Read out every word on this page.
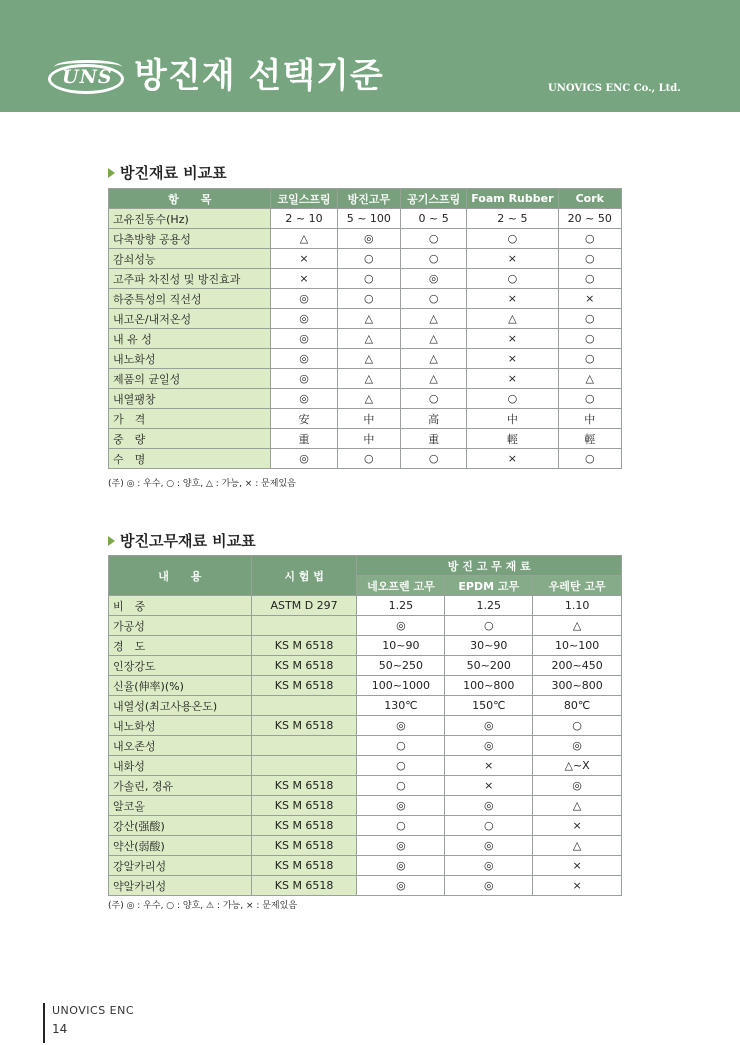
UNS 방진재 선택기준	UNOVICS ENC Co., Ltd.
방진재료 비교표
항　　목	코일스프링	방진고무	공기스프링	Foam Rubber	Cork
고유진동수(Hz)	2 ~ 10	5 ~ 100	0 ~ 5	2 ~ 5	20 ~ 50
다축방향 공용성	△	◎	○	○	○
감쇠성능	×	○	○	×	○
고주파 차진성 및 방진효과	×	○	◎	○	○
하중특성의 직선성	◎	○	○	×	×
내고온/내저온성	◎	△	△	△	○
내 유 성	◎	△	△	×	○
내노화성	◎	△	△	×	○
제품의 균일성	◎	△	△	×	△
내열팽창	◎	△	○	○	○
가　격	安	中	高	中	中
중　량	重	中	重	輕	輕
수　명	◎	○	○	×	○
(주) ◎ : 우수, ○ : 양호, △ : 가능, × : 문제있음
방진고무재료 비교표
내　　용	시 험 법	방 진 고 무 재 료		
		네오프렌 고무	EPDM 고무	우레탄 고무
비　중	ASTM D 297	1.25	1.25	1.10
가공성		◎	○	△
경　도	KS M 6518	10~90	30~90	10~100
인장강도	KS M 6518	50~250	50~200	200~450
신율(伸率)(%)	KS M 6518	100~1000	100~800	300~800
내열성(최고사용온도)		130℃	150℃	80℃
내노화성	KS M 6518	◎	◎	○
내오존성		○	◎	◎
내화성		○	×	△~X
가솔린, 경유	KS M 6518	○	×	◎
알코올	KS M 6518	◎	◎	△
강산(强酸)	KS M 6518	○	○	×
약산(弱酸)	KS M 6518	◎	◎	△
강알카리성	KS M 6518	◎	◎	×
약알카리성	KS M 6518	◎	◎	×
(주) ◎ : 우수, ○ : 양호, ⚠ : 가능, × : 문제있음
UNOVICS ENC
14
